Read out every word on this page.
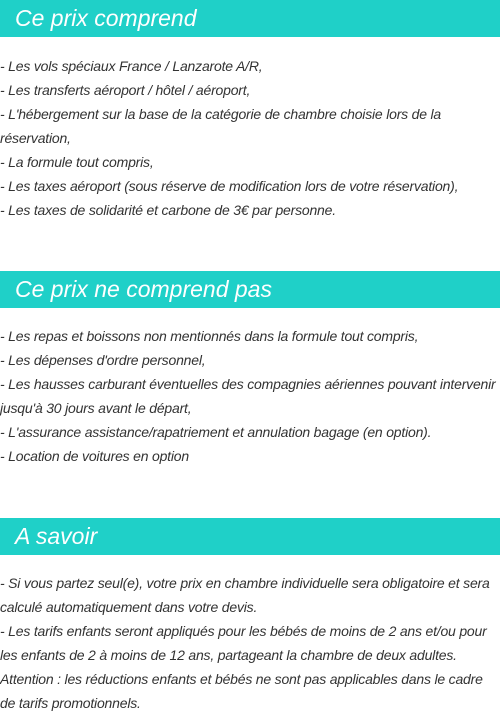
Ce prix comprend
- Les vols spéciaux France / Lanzarote A/R,
- Les transferts aéroport / hôtel / aéroport,
- L'hébergement sur la base de la catégorie de chambre choisie lors de la réservation,
- La formule tout compris,
- Les taxes aéroport (sous réserve de modification lors de votre réservation),
- Les taxes de solidarité et carbone de 3€ par personne.
Ce prix ne comprend pas
- Les repas et boissons non mentionnés dans la formule tout compris,
- Les dépenses d'ordre personnel,
- Les hausses carburant éventuelles des compagnies aériennes pouvant intervenir jusqu'à 30 jours avant le départ,
- L'assurance assistance/rapatriement et annulation bagage (en option).
- Location de voitures en option
A savoir
- Si vous partez seul(e), votre prix en chambre individuelle sera obligatoire et sera calculé automatiquement dans votre devis.
- Les tarifs enfants seront appliqués pour les bébés de moins de 2 ans et/ou pour les enfants de 2 à moins de 12 ans, partageant la chambre de deux adultes.
Attention : les réductions enfants et bébés ne sont pas applicables dans le cadre de tarifs promotionnels.
